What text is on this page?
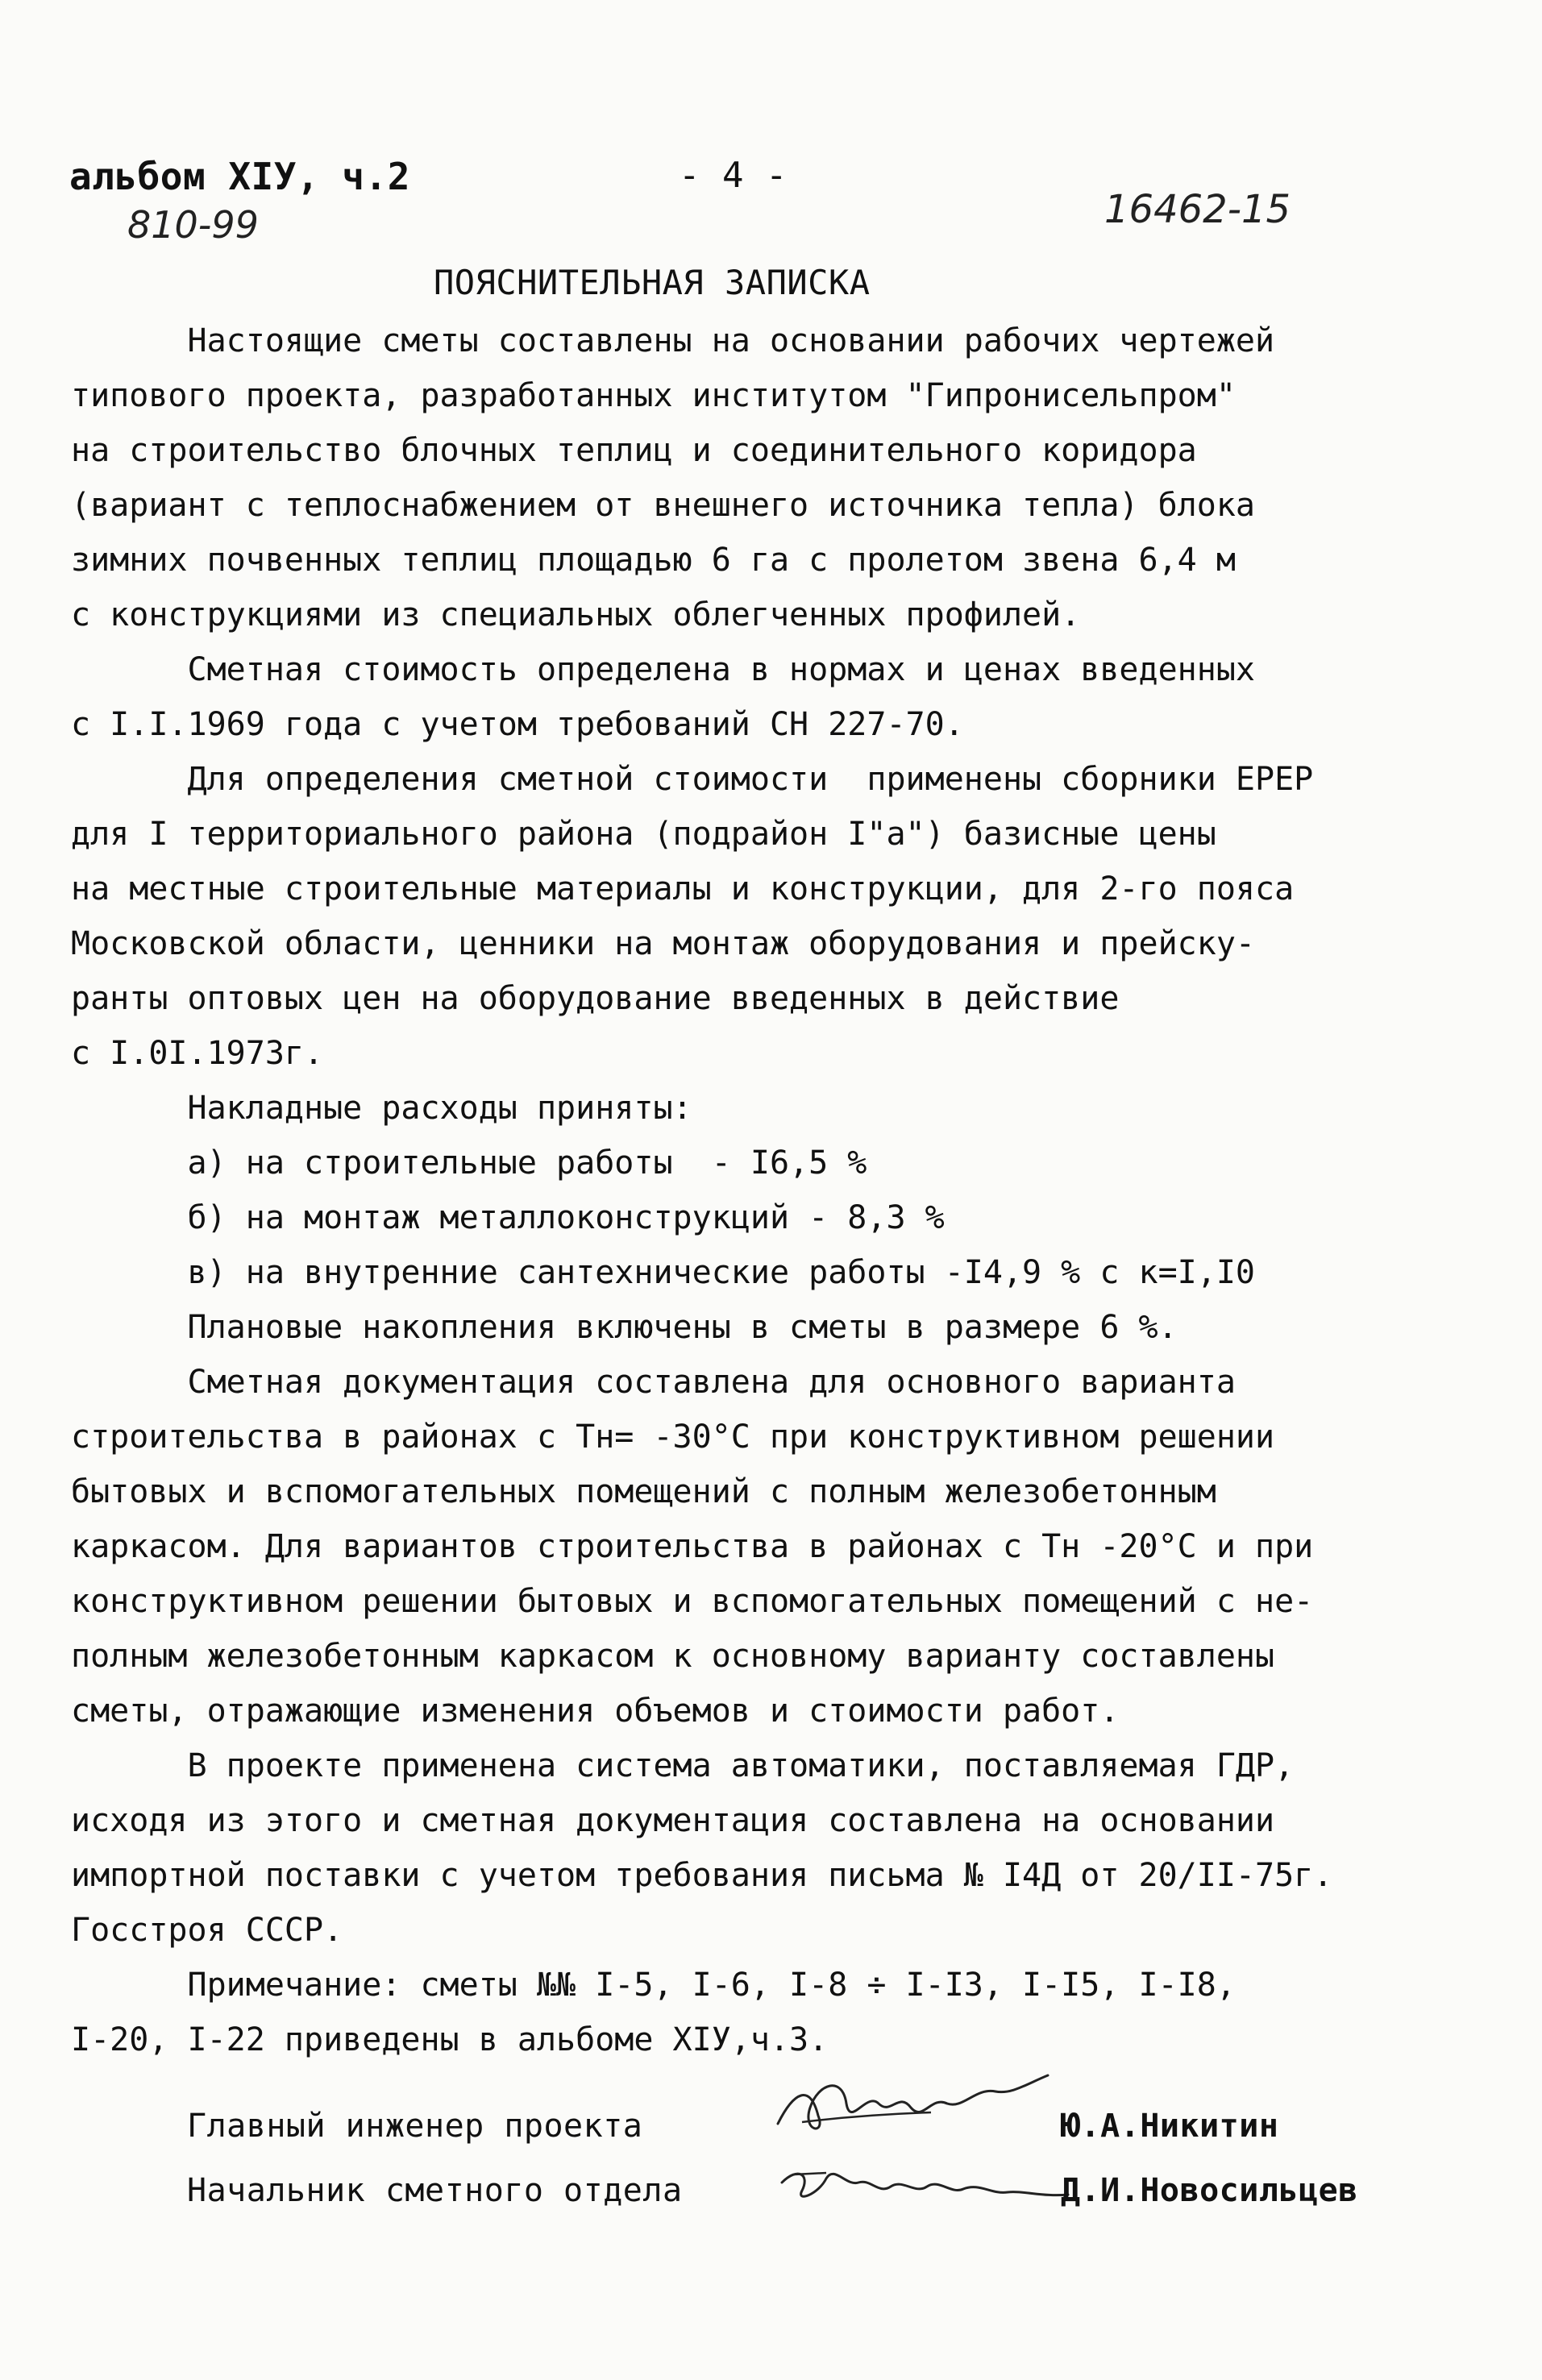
альбом ХIУ, ч.2	- 4 -
810-99	16462-15
ПОЯСНИТЕЛЬНАЯ ЗАПИСКА

Настоящие сметы составлены на основании рабочих чертежей

типового проекта, разработанных институтом "Гипронисельпром"

на строительство блочных теплиц и соединительного коридора

(вариант с теплоснабжением от внешнего источника тепла) блока

зимних почвенных теплиц площадью 6 га с пролетом звена 6,4 м

с конструкциями из специальных облегченных профилей.

Сметная стоимость определена в нормах и ценах введенных

с I.I.1969 года с учетом требований СН 227-70.

Для определения сметной стоимости  применены сборники ЕРЕР

для I территориального района (подрайон I"а") базисные цены

на местные строительные материалы и конструкции, для 2-го пояса

Московской области, ценники на монтаж оборудования и прейску-

ранты оптовых цен на оборудование введенных в действие

с I.0I.1973г.

Накладные расходы приняты:

а) на строительные работы  - I6,5 %

б) на монтаж металлоконструкций - 8,3 %

в) на внутренние сантехнические работы -I4,9 % с к=I,I0

Плановые накопления включены в сметы в размере 6 %.

Сметная документация составлена для основного варианта

строительства в районах с Тн= -30°С при конструктивном решении

бытовых и вспомогательных помещений с полным железобетонным

каркасом. Для вариантов строительства в районах с Тн -20°С и при

конструктивном решении бытовых и вспомогательных помещений с не-

полным железобетонным каркасом к основному варианту составлены

сметы, отражающие изменения объемов и стоимости работ.

В проекте применена система автоматики, поставляемая ГДР,

исходя из этого и сметная документация составлена на основании

импортной поставки с учетом требования письма № I4Д от 20/II-75г.

Госстроя СССР.

Примечание: сметы №№ I-5, I-6, I-8 ÷ I-I3, I-I5, I-I8,

I-20, I-22 приведены в альбоме ХIУ,ч.3.

Главный инженер проекта	Ю.А.Никитин
Начальник сметного отдела	Д.И.Новосильцев
